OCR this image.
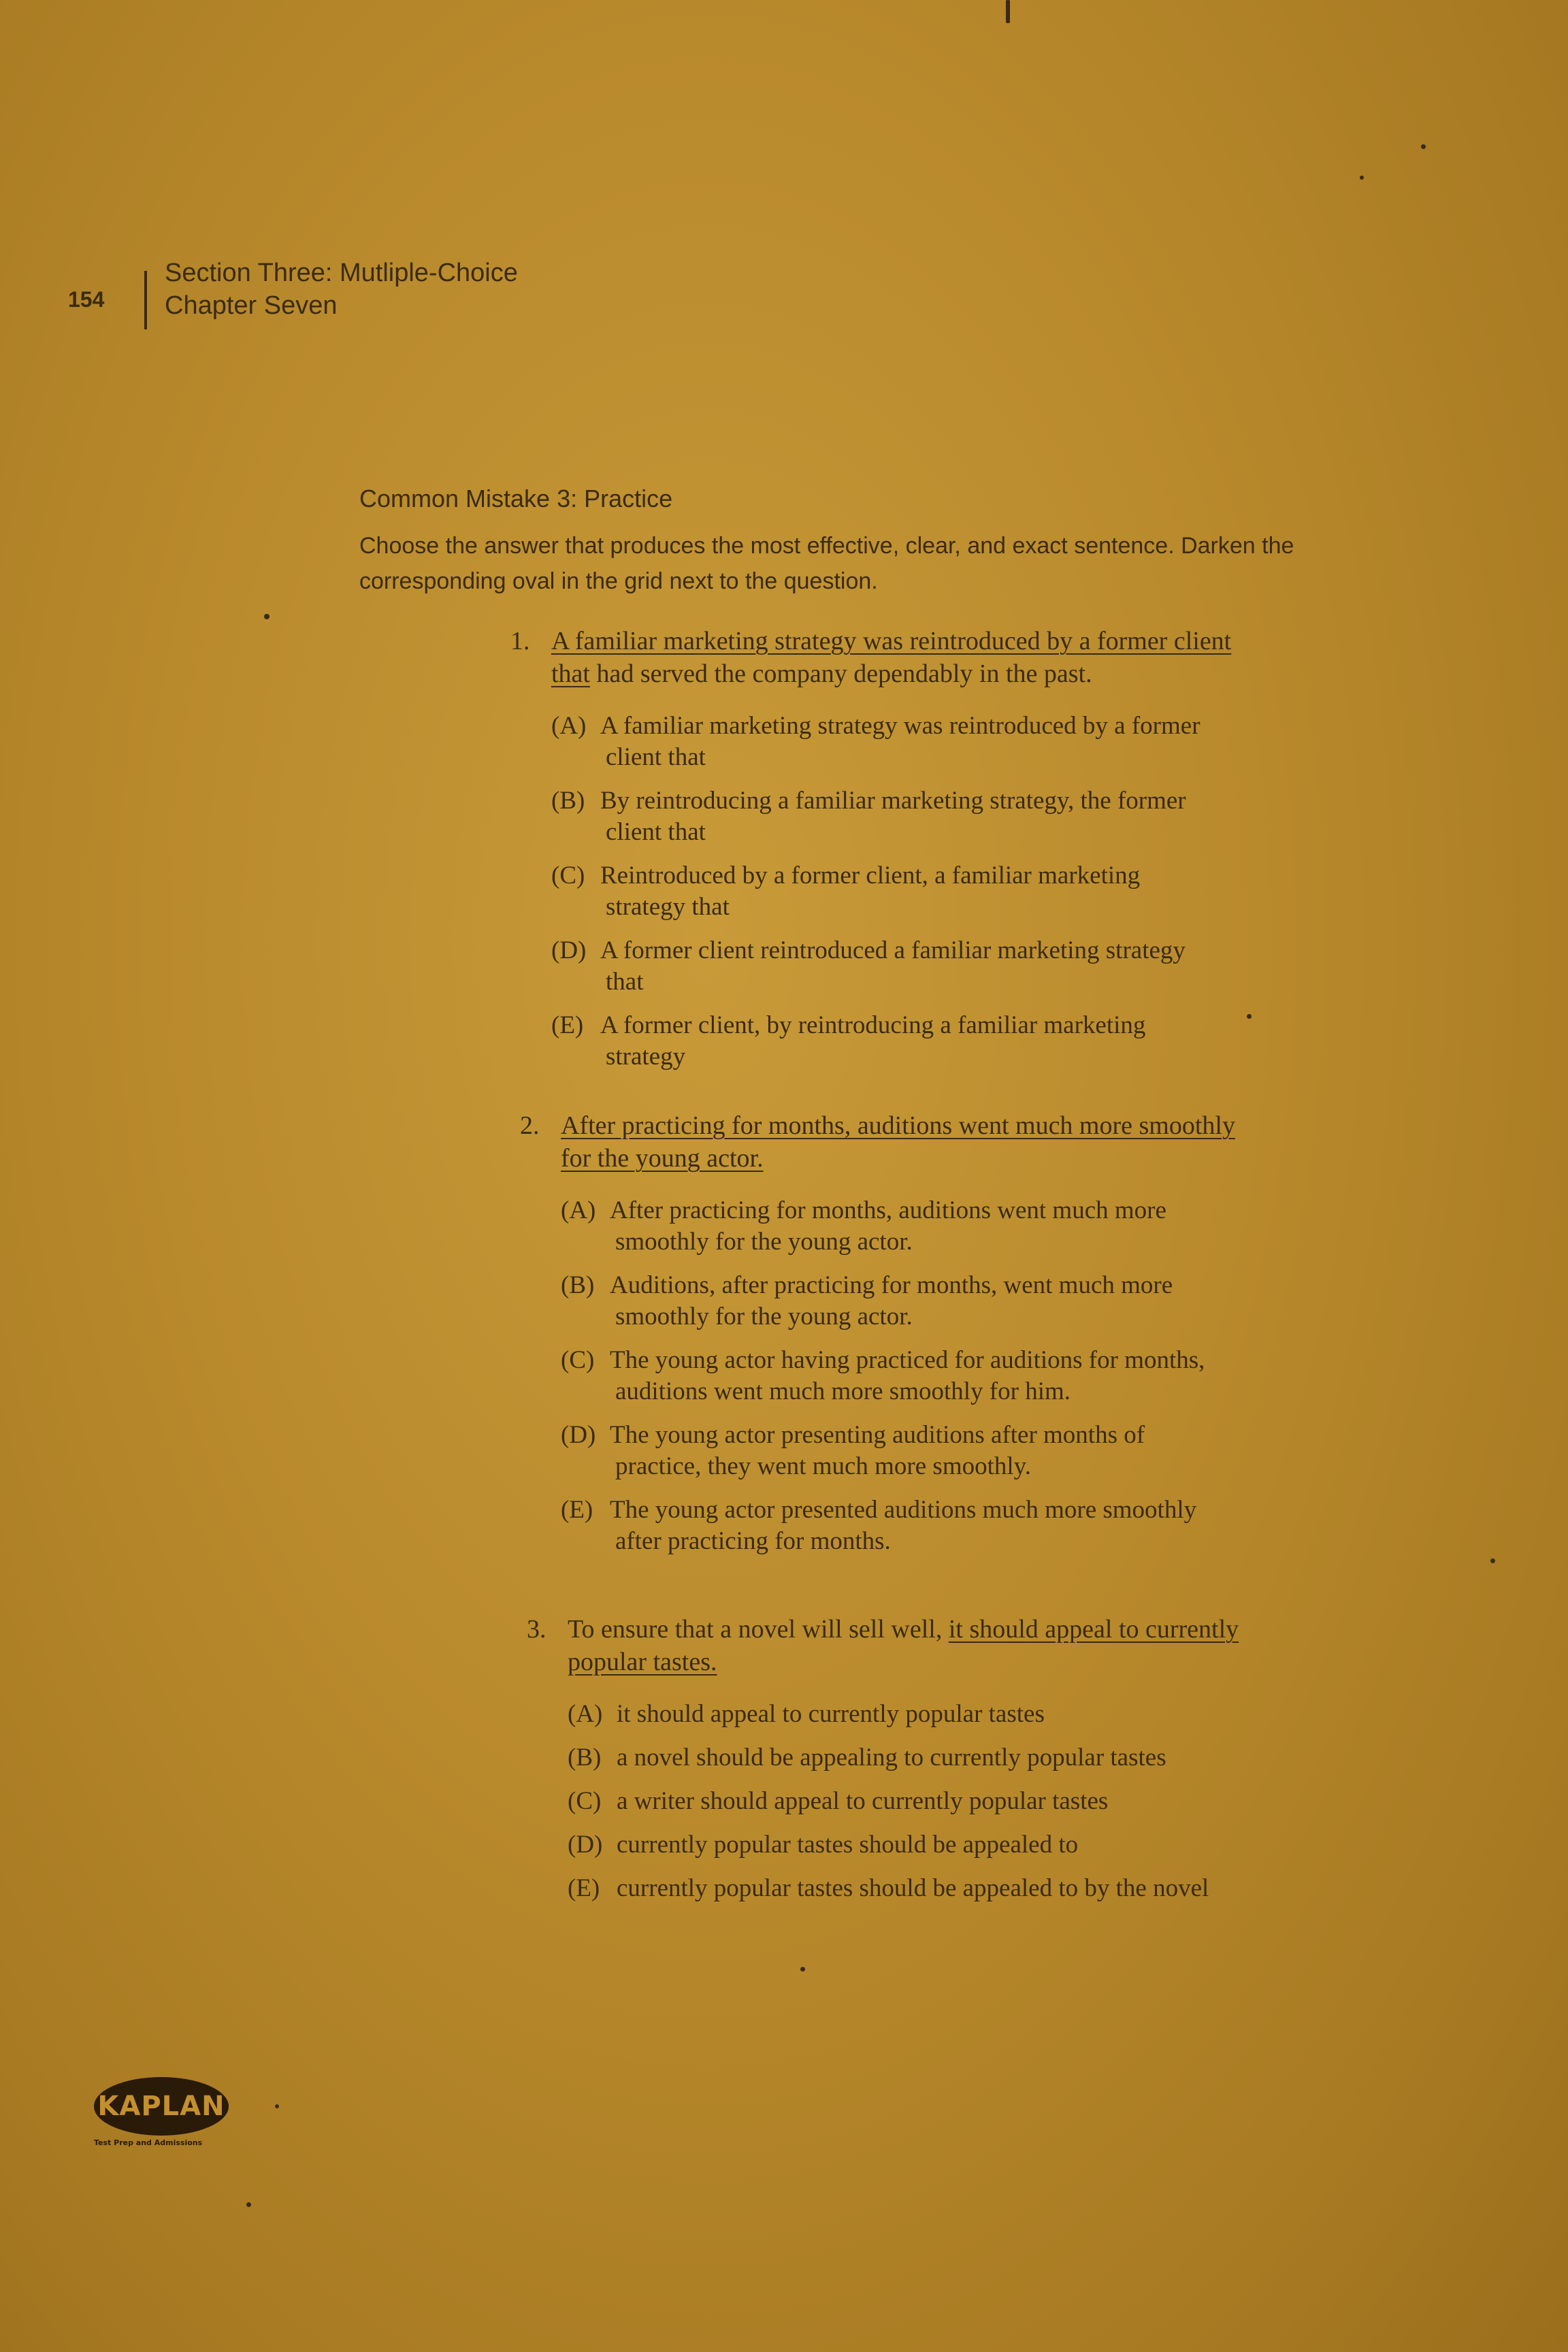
154
Section Three: Mutliple-Choice
Chapter Seven
Common Mistake 3: Practice

Choose the answer that produces the most effective, clear, and exact sentence. Darken the corresponding oval in the grid next to the question.

1. A familiar marketing strategy was reintroduced by a former client that had served the company dependably in the past.
(A) A familiar marketing strategy was reintroduced by a former client that
(B) By reintroducing a familiar marketing strategy, the former client that
(C) Reintroduced by a former client, a familiar marketing strategy that
(D) A former client reintroduced a familiar marketing strategy that
(E) A former client, by reintroducing a familiar marketing strategy
2. After practicing for months, auditions went much more smoothly for the young actor.
(A) After practicing for months, auditions went much more smoothly for the young actor.
(B) Auditions, after practicing for months, went much more smoothly for the young actor.
(C) The young actor having practiced for auditions for months, auditions went much more smoothly for him.
(D) The young actor presenting auditions after months of practice, they went much more smoothly.
(E) The young actor presented auditions much more smoothly after practicing for months.
3. To ensure that a novel will sell well, it should appeal to currently popular tastes.
(A) it should appeal to currently popular tastes
(B) a novel should be appealing to currently popular tastes
(C) a writer should appeal to currently popular tastes
(D) currently popular tastes should be appealed to
(E) currently popular tastes should be appealed to by the novel
KAPLAN
Test Prep and Admissions
